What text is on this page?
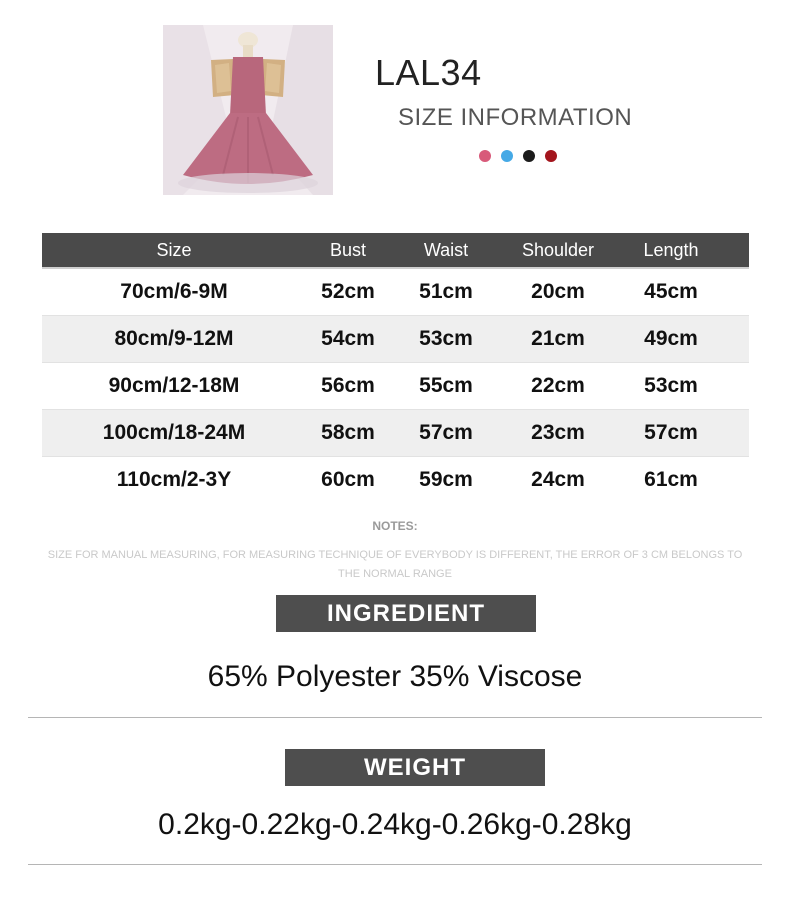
LAL34
SIZE INFORMATION
Size	Bust	Waist	Shoulder	Length
70cm/6-9M	52cm	51cm	20cm	45cm
80cm/9-12M	54cm	53cm	21cm	49cm
90cm/12-18M	56cm	55cm	22cm	53cm
100cm/18-24M	58cm	57cm	23cm	57cm
110cm/2-3Y	60cm	59cm	24cm	61cm
NOTES:
SIZE FOR MANUAL MEASURING, FOR MEASURING TECHNIQUE OF EVERYBODY IS DIFFERENT, THE ERROR OF 3 CM BELONGS TO THE NORMAL RANGE
INGREDIENT
65% Polyester 35% Viscose
WEIGHT
0.2kg-0.22kg-0.24kg-0.26kg-0.28kg
